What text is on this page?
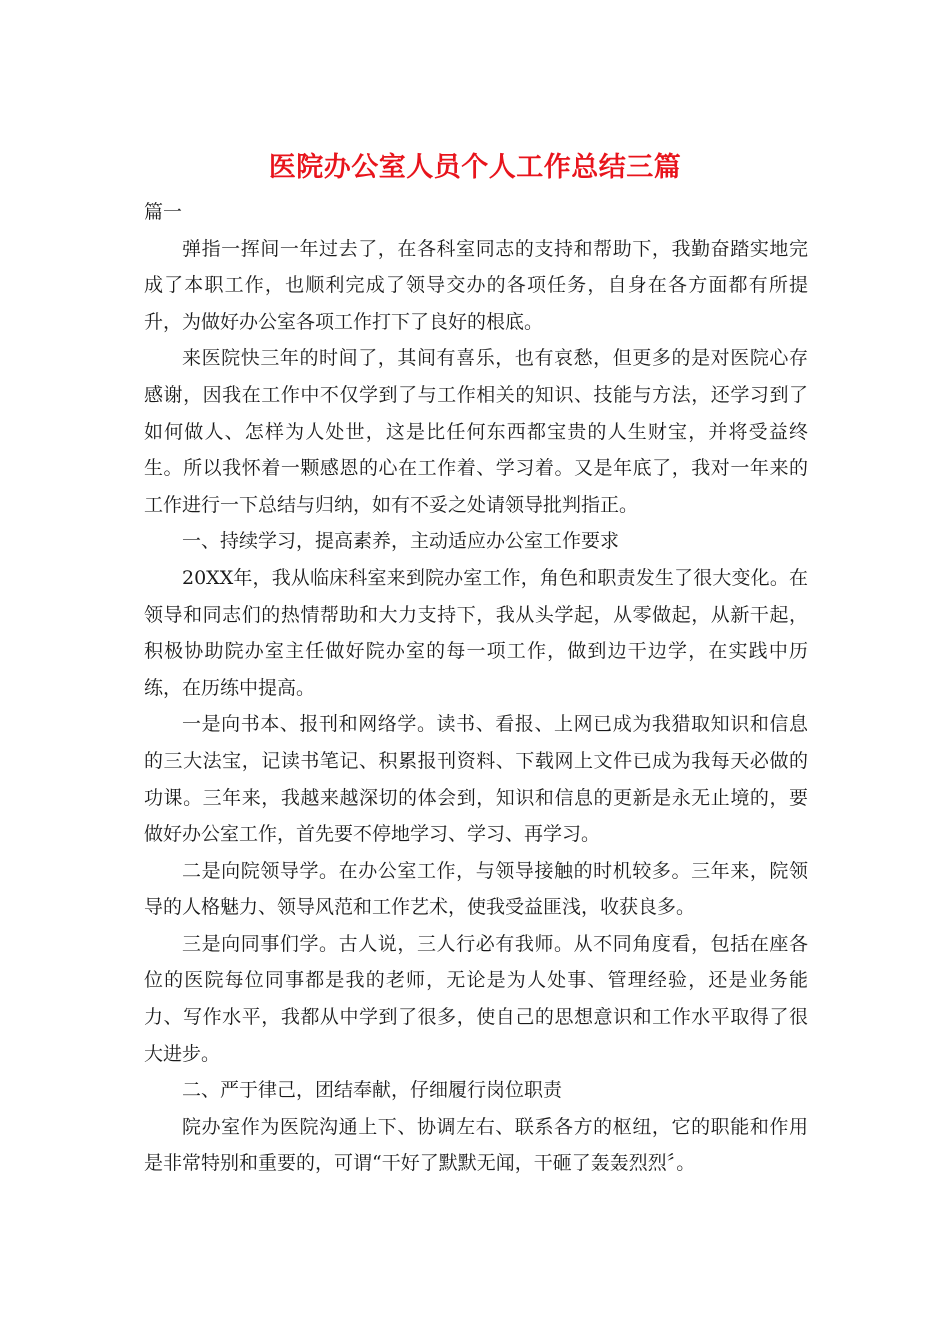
医院办公室人员个人工作总结三篇

篇一

弹指一挥间一年过去了，在各科室同志的支持和帮助下，我勤奋踏实地完成了本职工作，也顺利完成了领导交办的各项任务，自身在各方面都有所提升，为做好办公室各项工作打下了良好的根底。

来医院快三年的时间了，其间有喜乐，也有哀愁，但更多的是对医院心存感谢，因我在工作中不仅学到了与工作相关的知识、技能与方法，还学习到了如何做人、怎样为人处世，这是比任何东西都宝贵的人生财宝，并将受益终生。所以我怀着一颗感恩的心在工作着、学习着。又是年底了，我对一年来的工作进行一下总结与归纳，如有不妥之处请领导批判指正。

一、持续学习，提高素养，主动适应办公室工作要求

20XX年，我从临床科室来到院办室工作，角色和职责发生了很大变化。在领导和同志们的热情帮助和大力支持下，我从头学起，从零做起，从新干起，积极协助院办室主任做好院办室的每一项工作，做到边干边学，在实践中历练，在历练中提高。

一是向书本、报刊和网络学。读书、看报、上网已成为我猎取知识和信息的三大法宝，记读书笔记、积累报刊资料、下载网上文件已成为我每天必做的功课。三年来，我越来越深切的体会到，知识和信息的更新是永无止境的，要做好办公室工作，首先要不停地学习、学习、再学习。

二是向院领导学。在办公室工作，与领导接触的时机较多。三年来，院领导的人格魅力、领导风范和工作艺术，使我受益匪浅，收获良多。

三是向同事们学。古人说，三人行必有我师。从不同角度看，包括在座各位的医院每位同事都是我的老师，无论是为人处事、管理经验，还是业务能力、写作水平，我都从中学到了很多，使自己的思想意识和工作水平取得了很大进步。

二、严于律己，团结奉献，仔细履行岗位职责

院办室作为医院沟通上下、协调左右、联系各方的枢纽，它的职能和作用是非常特别和重要的，可谓“干好了默默无闻，干砸了轰轰烈烈〞。
